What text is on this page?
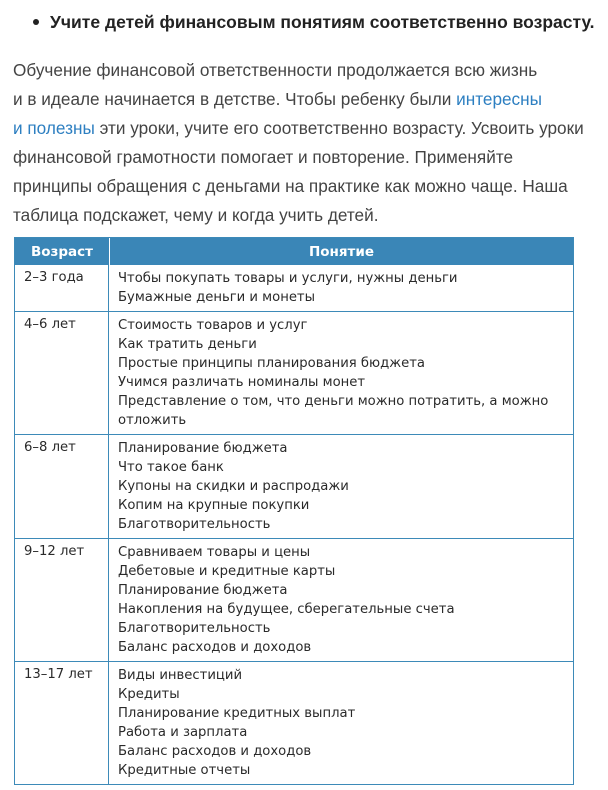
Учите детей финансовым понятиям соответственно возрасту.
Обучение финансовой ответственности продолжается всю жизнь
и в идеале начинается в детстве. Чтобы ребенку были интересны
и полезны эти уроки, учите его соответственно возрасту. Усвоить уроки
финансовой грамотности помогает и повторение. Применяйте
принципы обращения с деньгами на практике как можно чаще. Наша
таблица подскажет, чему и когда учить детей.
Возраст	Понятие
2–3 года	Чтобы покупать товары и услуги, нужны деньги
Бумажные деньги и монеты
4–6 лет	Стоимость товаров и услуг
Как тратить деньги
Простые принципы планирования бюджета
Учимся различать номиналы монет
Представление о том, что деньги можно потратить, а можно отложить
6–8 лет	Планирование бюджета
Что такое банк
Купоны на скидки и распродажи
Копим на крупные покупки
Благотворительность
9–12 лет	Сравниваем товары и цены
Дебетовые и кредитные карты
Планирование бюджета
Накопления на будущее, сберегательные счета
Благотворительность
Баланс расходов и доходов
13–17 лет	Виды инвестиций
Кредиты
Планирование кредитных выплат
Работа и зарплата
Баланс расходов и доходов
Кредитные отчеты
